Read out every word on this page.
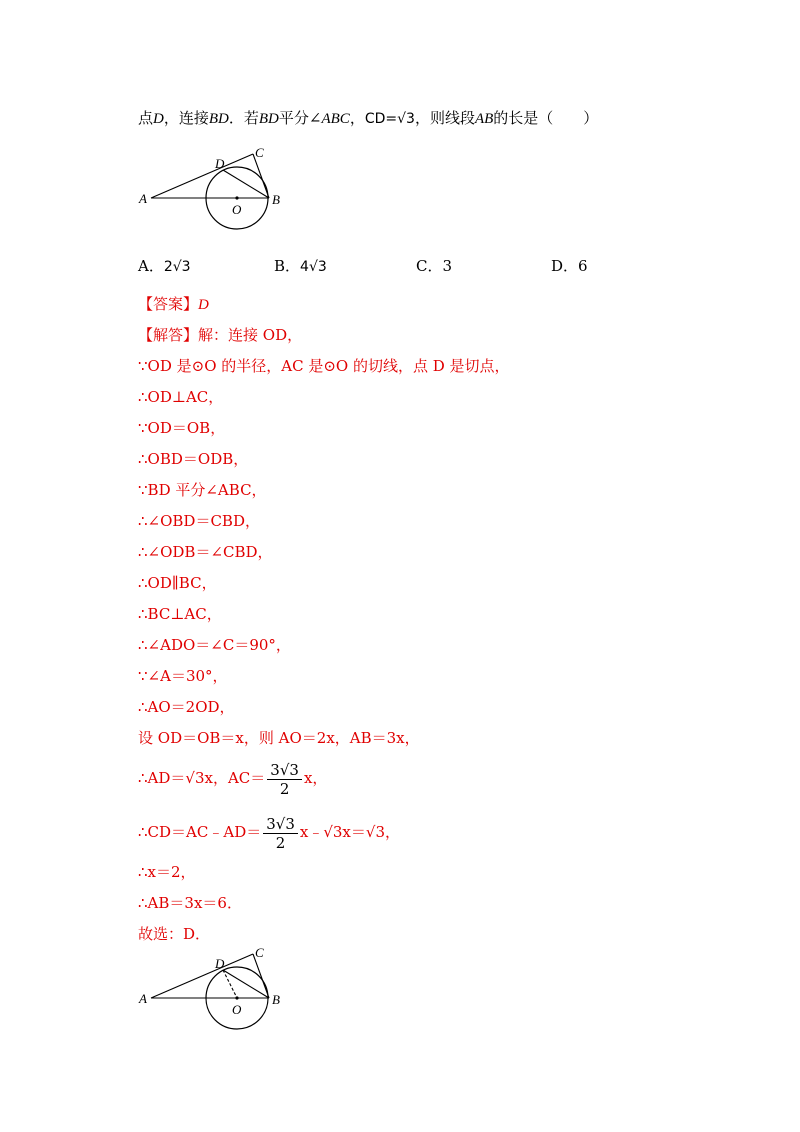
点D，连接BD．若BD平分∠ABC，CD=√3，则线段AB的长是（　　）
A	B
C
D
O
A．2√3	B．4√3	C．3	D．6
【答案】D
【解答】解：连接 OD，
∵OD 是⊙O 的半径，AC 是⊙O 的切线，点 D 是切点，
∴OD⊥AC，
∵OD＝OB，
∴OBD＝ODB，
∵BD 平分∠ABC，
∴∠OBD＝CBD，
∴∠ODB＝∠CBD，
∴OD∥BC，
∴BC⊥AC，
∴∠ADO＝∠C＝90°，
∵∠A＝30°，
∴AO＝2OD，
设 OD＝OB＝x，则 AO＝2x，AB＝3x，
∴AD＝√3x，$AC= \frac{3√3}{2}$ x，
∴CD＝AC﹣AD＝ $\frac{3√3}{2}$ x﹣√3x＝√3，
∴x＝2，
∴AB＝3x＝6．
故选：D．
A	B
C
D
O
